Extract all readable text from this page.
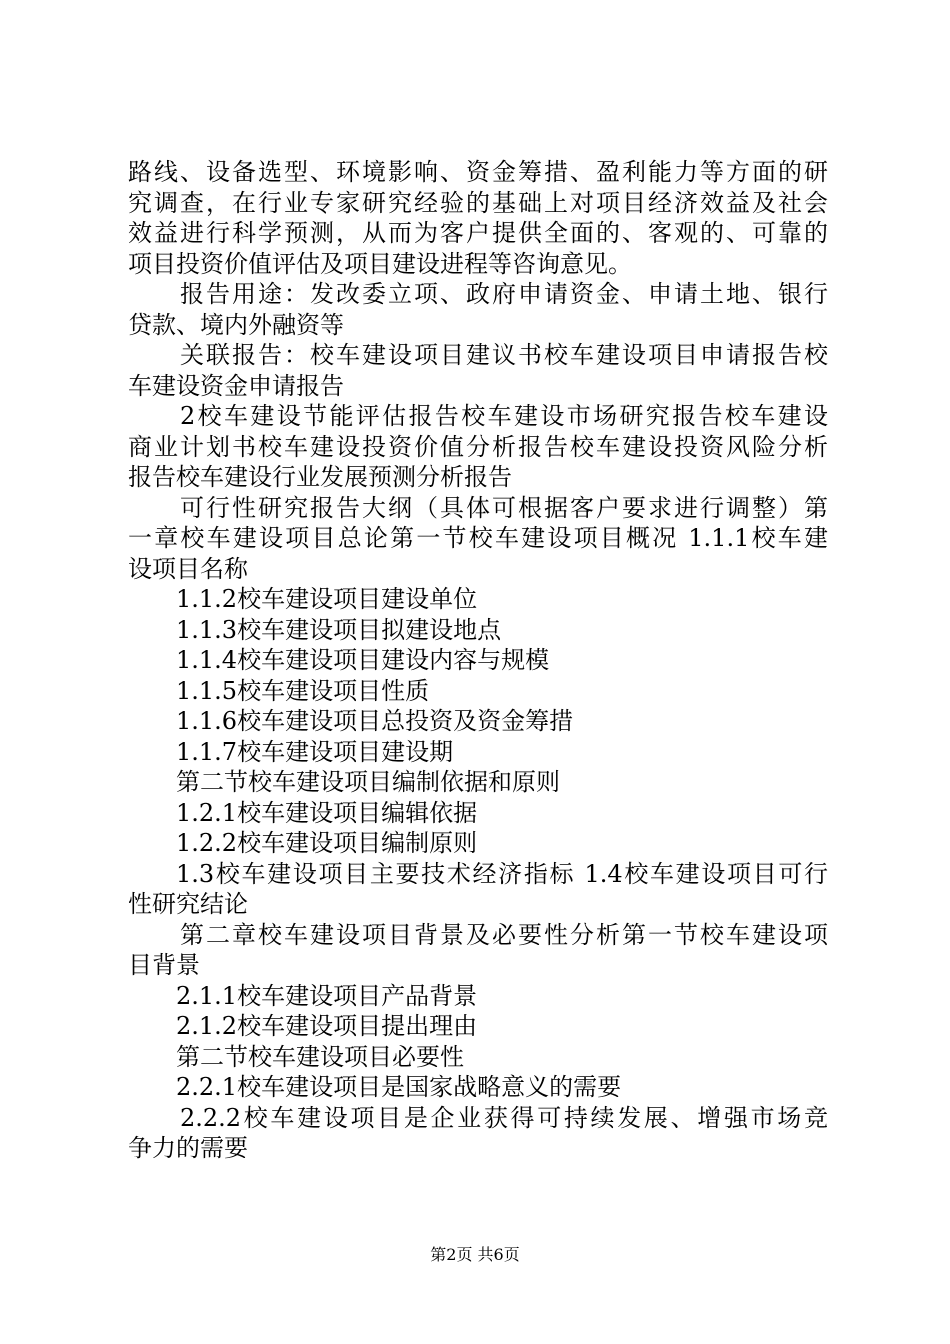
路线、设备选型、环境影响、资金筹措、盈利能力等方面的研
究调查，在行业专家研究经验的基础上对项目经济效益及社会
效益进行科学预测，从而为客户提供全面的、客观的、可靠的
项目投资价值评估及项目建设进程等咨询意见。
报告用途：发改委立项、政府申请资金、申请土地、银行
贷款、境内外融资等
关联报告：校车建设项目建议书校车建设项目申请报告校
车建设资金申请报告
2校车建设节能评估报告校车建设市场研究报告校车建设
商业计划书校车建设投资价值分析报告校车建设投资风险分析
报告校车建设行业发展预测分析报告
可行性研究报告大纲（具体可根据客户要求进行调整）第
一章校车建设项目总论第一节校车建设项目概况 1.1.1校车建
设项目名称
1.1.2校车建设项目建设单位
1.1.3校车建设项目拟建设地点
1.1.4校车建设项目建设内容与规模
1.1.5校车建设项目性质
1.1.6校车建设项目总投资及资金筹措
1.1.7校车建设项目建设期
第二节校车建设项目编制依据和原则
1.2.1校车建设项目编辑依据
1.2.2校车建设项目编制原则
1.3校车建设项目主要技术经济指标 1.4校车建设项目可行
性研究结论
第二章校车建设项目背景及必要性分析第一节校车建设项
目背景
2.1.1校车建设项目产品背景
2.1.2校车建设项目提出理由
第二节校车建设项目必要性
2.2.1校车建设项目是国家战略意义的需要
2.2.2校车建设项目是企业获得可持续发展、增强市场竞
争力的需要
第2页 共6页
